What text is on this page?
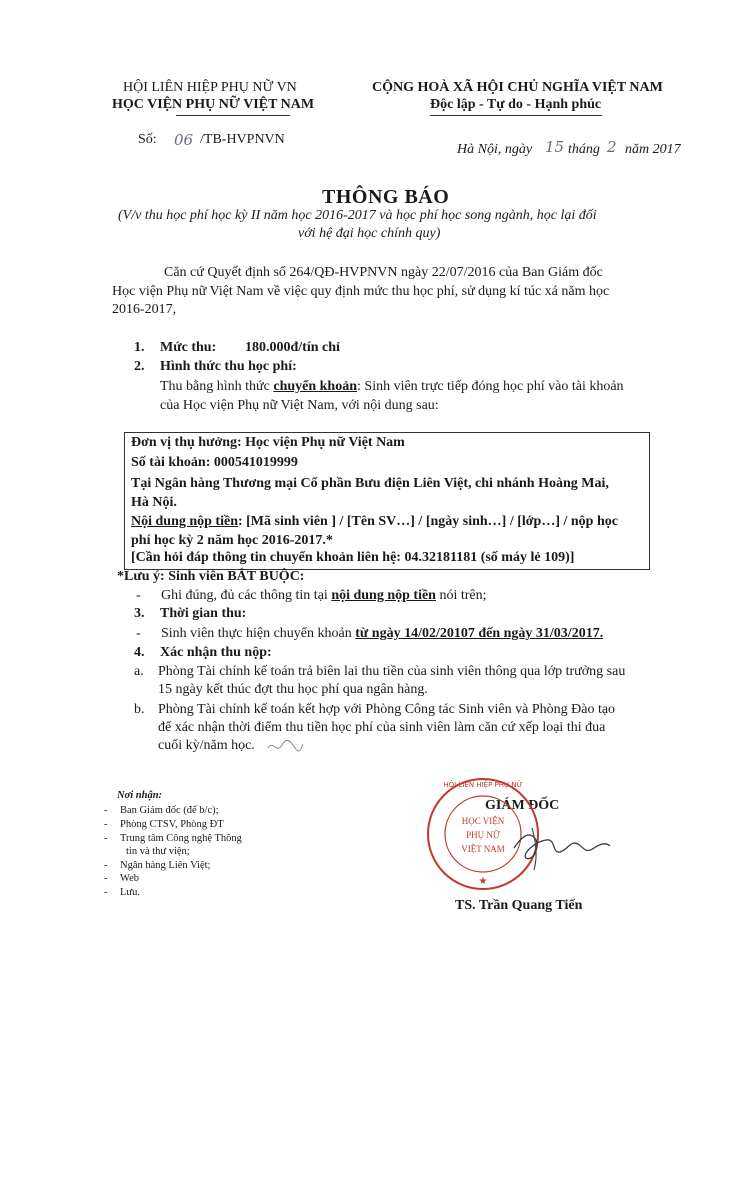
HỘI LIÊN HIỆP PHỤ NỮ VN
HỌC VIỆN PHỤ NỮ VIỆT NAM
CỘNG HOÀ XÃ HỘI CHỦ NGHĨA VIỆT NAM
Độc lập - Tự do - Hạnh phúc
Số: 06 /TB-HVPNVN
Hà Nội, ngày 15 tháng 2 năm 2017
THÔNG BÁO
(V/v thu học phí học kỳ II năm học 2016-2017 và học phí học song ngành, học lại đối
với hệ đại học chính quy)
Căn cứ Quyết định số 264/QĐ-HVPNVN ngày 22/07/2016 của Ban Giám đốc
Học viện Phụ nữ Việt Nam về việc quy định mức thu học phí, sử dụng kí túc xá năm học
2016-2017,
1. Mức thu: 180.000đ/tín chỉ
2. Hình thức thu học phí:
Thu bằng hình thức chuyển khoản: Sinh viên trực tiếp đóng học phí vào tài khoản
của Học viện Phụ nữ Việt Nam, với nội dung sau:
Đơn vị thụ hưởng: Học viện Phụ nữ Việt Nam
Số tài khoản: 000541019999
Tại Ngân hàng Thương mại Cổ phần Bưu điện Liên Việt, chi nhánh Hoàng Mai,
Hà Nội.
Nội dung nộp tiền: [Mã sinh viên ] / [Tên SV…] / [ngày sinh…] / [lớp…] / nộp học
phí học kỳ 2 năm học 2016-2017.*
[Cần hỏi đáp thông tin chuyển khoản liên hệ: 04.32181181 (số máy lẻ 109)]
*Lưu ý: Sinh viên BẮT BUỘC:
- Ghi đúng, đủ các thông tin tại nội dung nộp tiền nói trên;
3. Thời gian thu:
- Sinh viên thực hiện chuyển khoản từ ngày 14/02/20107 đến ngày 31/03/2017.
4. Xác nhận thu nộp:
a. Phòng Tài chính kế toán trả biên lai thu tiền của sinh viên thông qua lớp trưởng sau
15 ngày kết thúc đợt thu học phí qua ngân hàng.
b. Phòng Tài chính kế toán kết hợp với Phòng Công tác Sinh viên và Phòng Đào tạo
để xác nhận thời điểm thu tiền học phí của sinh viên làm căn cứ xếp loại thi đua
cuối kỳ/năm học.
Nơi nhận:
- Ban Giám đốc (để b/c);
- Phòng CTSV, Phòng ĐT
- Trung tâm Công nghệ Thông
tin và thư viện;
- Ngân hàng Liên Việt;
- Web
- Lưu.
GIÁM ĐỐC
HỘI LIÊN HIỆP PHỤ NỮ
HỌC VIỆN
PHỤ NỮ
VIỆT NAM
★
TS. Trần Quang Tiến
